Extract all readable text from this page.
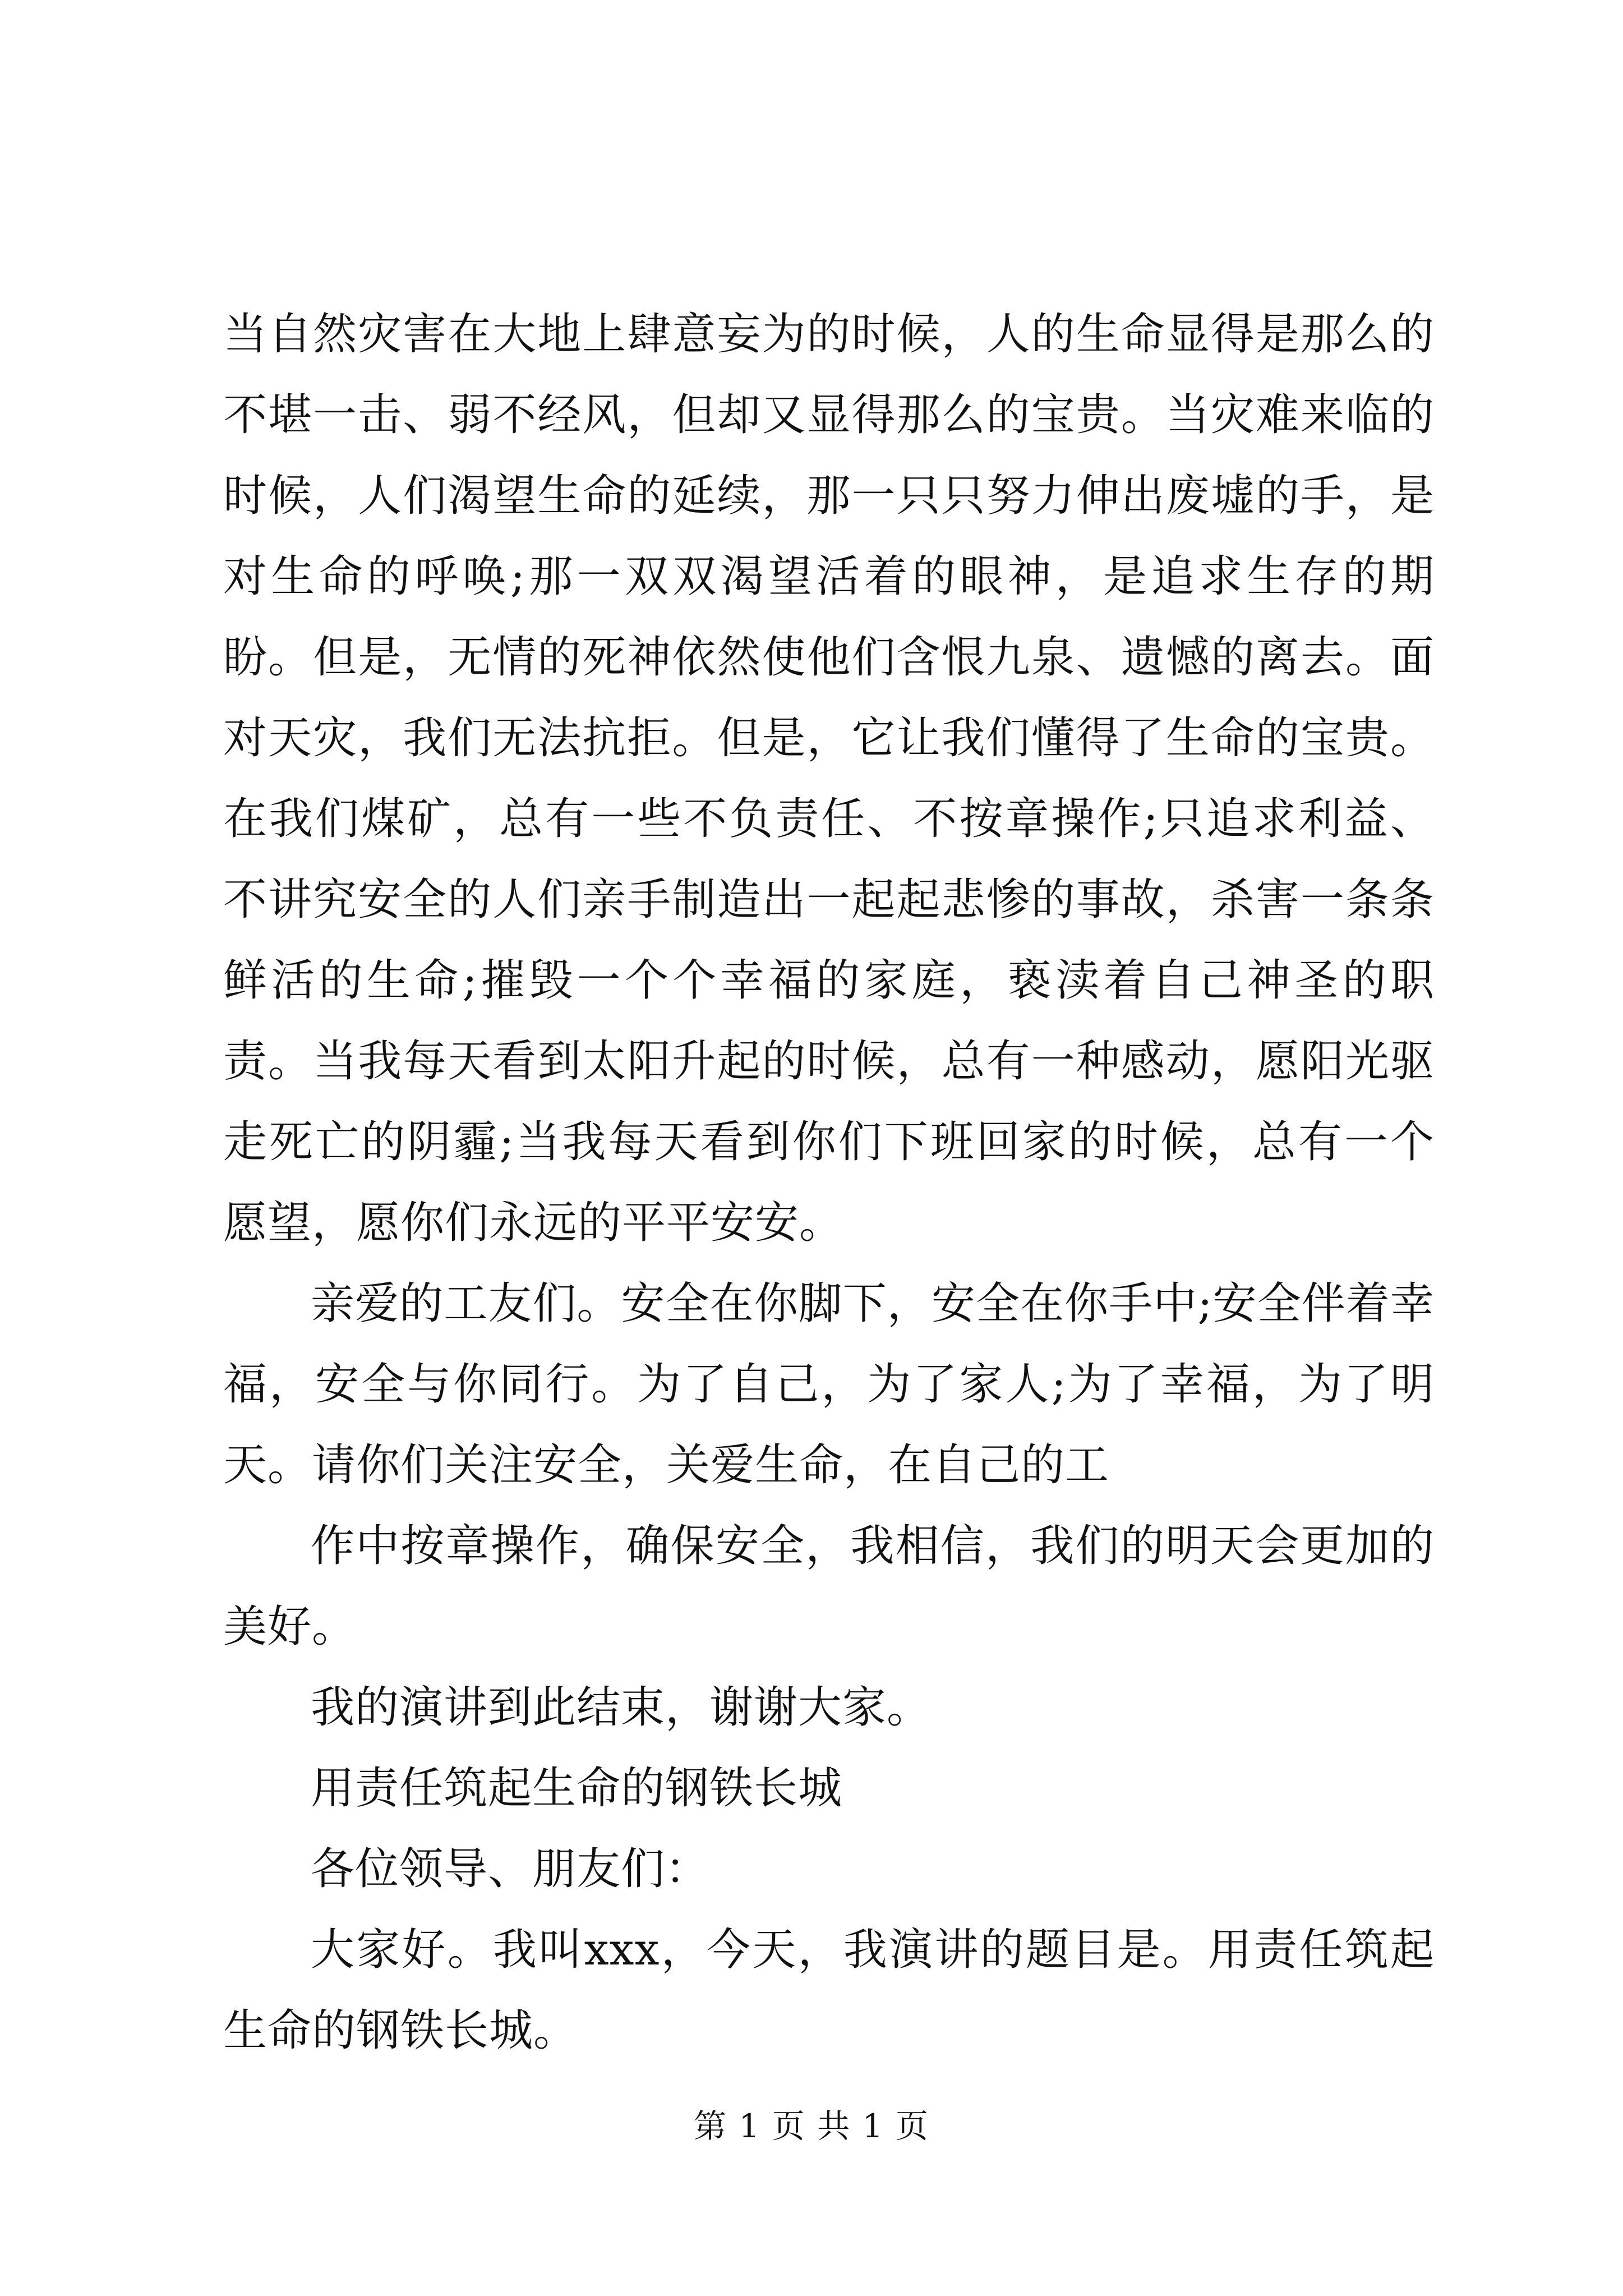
当自然灾害在大地上肆意妄为的时候，人的生命显得是那么的不堪一击、弱不经风，但却又显得那么的宝贵。当灾难来临的时候，人们渴望生命的延续，那一只只努力伸出废墟的手，是对生命的呼唤;那一双双渴望活着的眼神，是追求生存的期盼。但是，无情的死神依然使他们含恨九泉、遗憾的离去。面对天灾，我们无法抗拒。但是，它让我们懂得了生命的宝贵。在我们煤矿，总有一些不负责任、不按章操作;只追求利益、不讲究安全的人们亲手制造出一起起悲惨的事故，杀害一条条鲜活的生命;摧毁一个个幸福的家庭，亵渎着自己神圣的职责。当我每天看到太阳升起的时候，总有一种感动，愿阳光驱走死亡的阴霾;当我每天看到你们下班回家的时候，总有一个愿望，愿你们永远的平平安安。

亲爱的工友们。安全在你脚下，安全在你手中;安全伴着幸福，安全与你同行。为了自己，为了家人;为了幸福，为了明天。请你们关注安全，关爱生命，在自己的工

作中按章操作，确保安全，我相信，我们的明天会更加的美好。

我的演讲到此结束，谢谢大家。

用责任筑起生命的钢铁长城

各位领导、朋友们：

大家好。我叫xxx，今天，我演讲的题目是。用责任筑起生命的钢铁长城。

第 1 页 共 1 页
